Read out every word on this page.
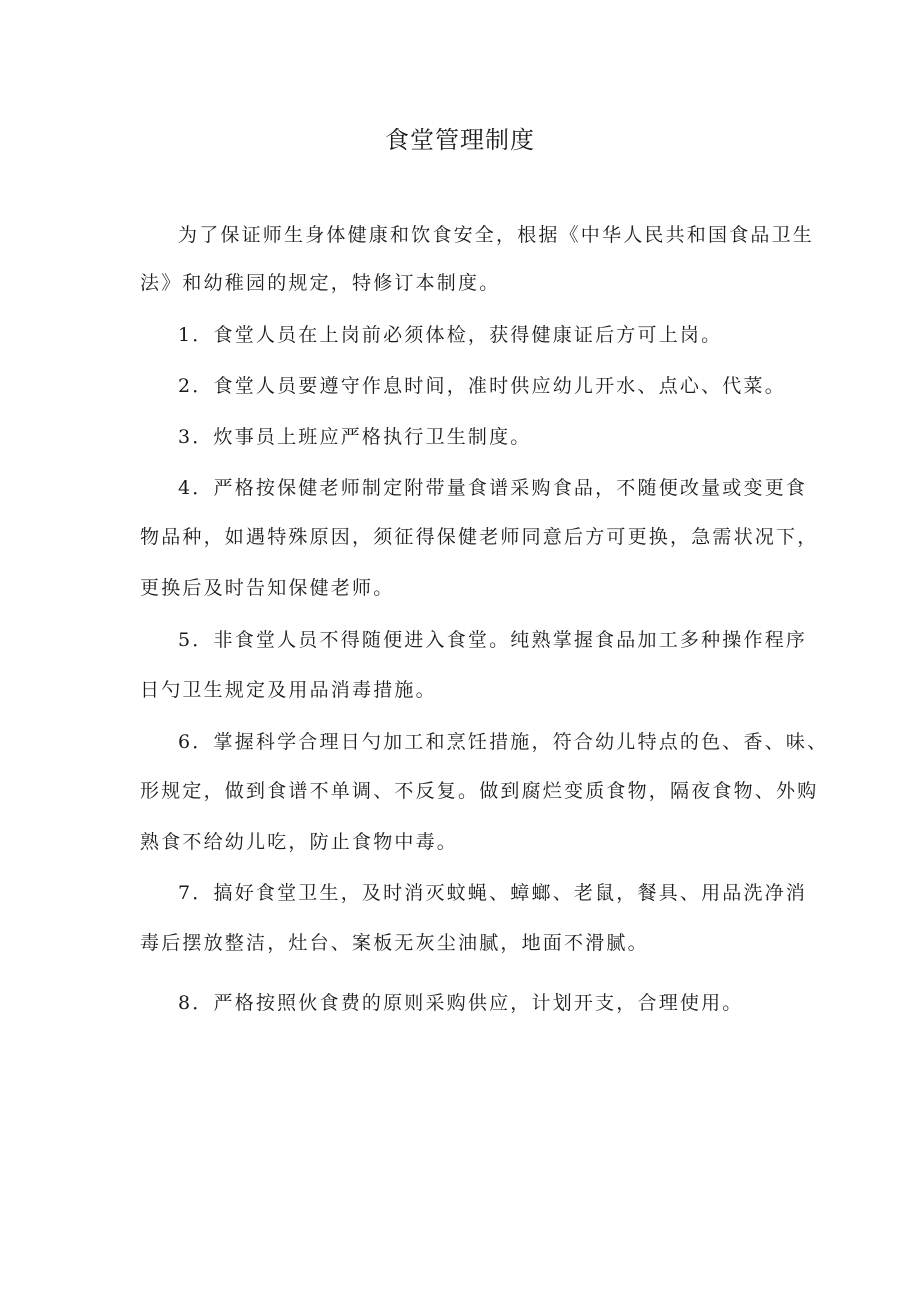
食堂管理制度
为了保证师生身体健康和饮食安全，根据《中华人民共和国食品卫生
法》和幼稚园的规定，特修订本制度。
1．食堂人员在上岗前必须体检，获得健康证后方可上岗。
2．食堂人员要遵守作息时间，准时供应幼儿开水、点心、代菜。
3．炊事员上班应严格执行卫生制度。
4．严格按保健老师制定附带量食谱采购食品，不随便改量或变更食
物品种，如遇特殊原因，须征得保健老师同意后方可更换，急需状况下，
更换后及时告知保健老师。
5．非食堂人员不得随便进入食堂。纯熟掌握食品加工多种操作程序
日勺卫生规定及用品消毒措施。
6．掌握科学合理日勺加工和烹饪措施，符合幼儿特点的色、香、味、
形规定，做到食谱不单调、不反复。做到腐烂变质食物，隔夜食物、外购
熟食不给幼儿吃，防止食物中毒。
7．搞好食堂卫生，及时消灭蚊蝇、蟑螂、老鼠，餐具、用品洗净消
毒后摆放整洁，灶台、案板无灰尘油腻，地面不滑腻。
8．严格按照伙食费的原则采购供应，计划开支，合理使用。
